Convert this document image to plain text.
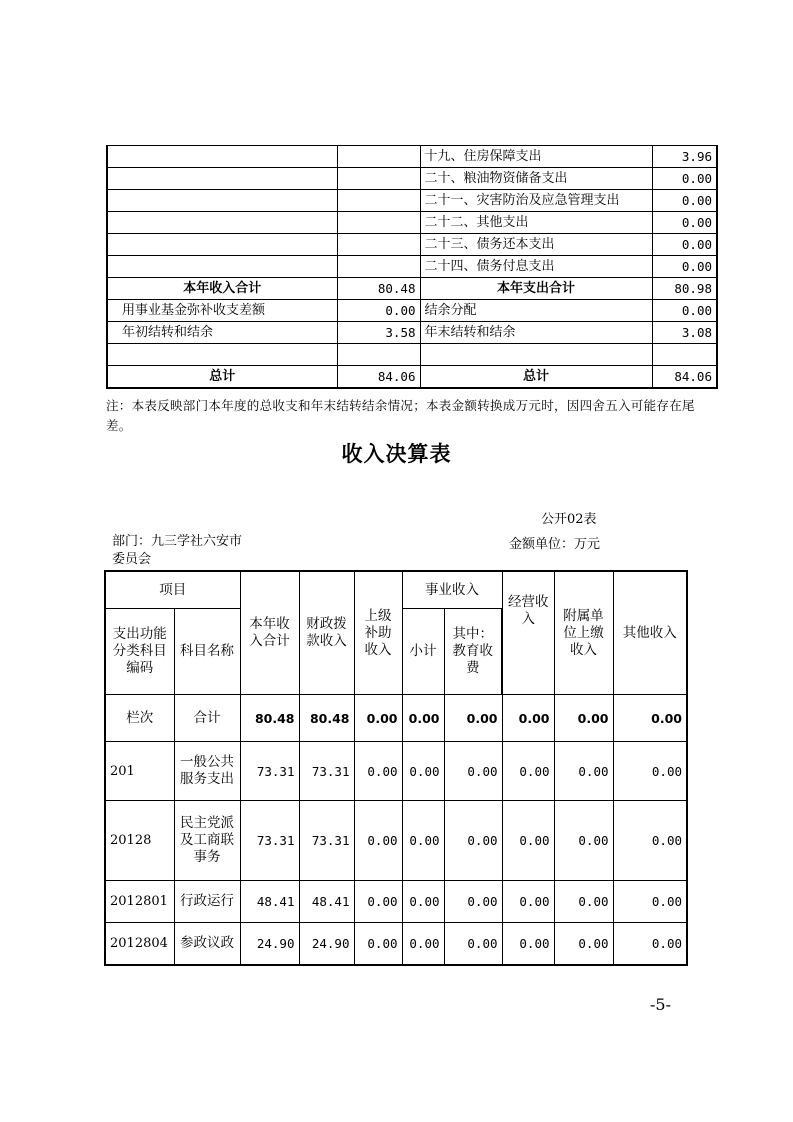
		十九、住房保障支出	3.96
		二十、粮油物资储备支出	0.00
		二十一、灾害防治及应急管理支出	0.00
		二十二、其他支出	0.00
		二十三、债务还本支出	0.00
		二十四、债务付息支出	0.00
本年收入合计	80.48	本年支出合计	80.98
用事业基金弥补收支差额	0.00	结余分配	0.00
年初结转和结余	3.58	年末结转和结余	3.08

总计	84.06	总计	84.06
注：本表反映部门本年度的总收支和年末结转结余情况；本表金额转换成万元时，因四舍五入可能存在尾差。
收入决算表
公开02表
部门：九三学社六安市委员会
金额单位：万元
项目		本年收入合计	财政拨款收入	上级补助收入	事业收入		经营收入	附属单位上缴收入	其他收入
支出功能分类科目编码	科目名称				小计	其中：教育收费			
栏次	合计	80.48	80.48	0.00	0.00	0.00	0.00	0.00	0.00
201	一般公共服务支出	73.31	73.31	0.00	0.00	0.00	0.00	0.00	0.00
20128	民主党派及工商联事务	73.31	73.31	0.00	0.00	0.00	0.00	0.00	0.00
2012801	行政运行	48.41	48.41	0.00	0.00	0.00	0.00	0.00	0.00
2012804	参政议政	24.90	24.90	0.00	0.00	0.00	0.00	0.00	0.00
-5-
